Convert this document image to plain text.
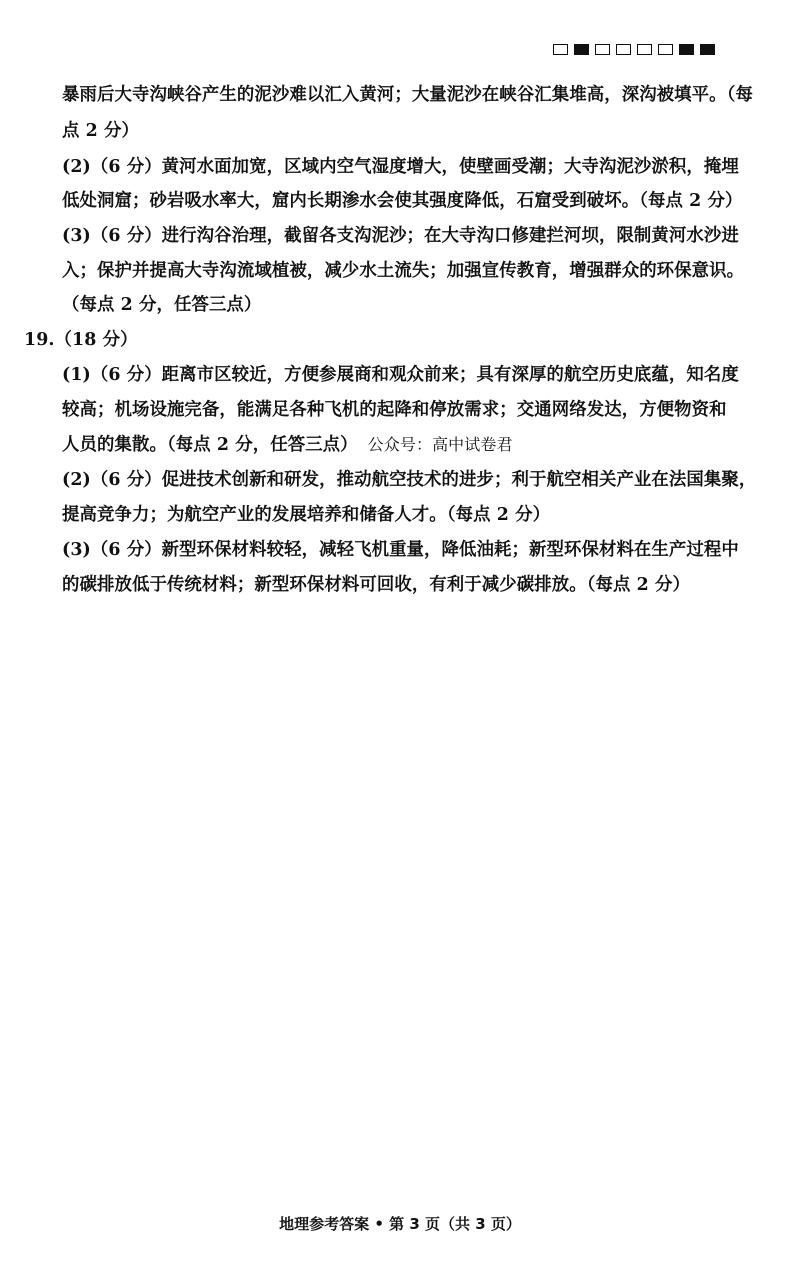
暴雨后大寺沟峡谷产生的泥沙难以汇入黄河；大量泥沙在峡谷汇集堆高，深沟被填平。（每
点 2 分）
(2)（6 分）黄河水面加宽，区域内空气湿度增大，使壁画受潮；大寺沟泥沙淤积，掩埋
低处洞窟；砂岩吸水率大，窟内长期渗水会使其强度降低，石窟受到破坏。（每点 2 分）
(3)（6 分）进行沟谷治理，截留各支沟泥沙；在大寺沟口修建拦河坝，限制黄河水沙进
入；保护并提高大寺沟流域植被，减少水土流失；加强宣传教育，增强群众的环保意识。
（每点 2 分，任答三点）
19.（18 分）
(1)（6 分）距离市区较近，方便参展商和观众前来；具有深厚的航空历史底蕴，知名度
较高；机场设施完备，能满足各种飞机的起降和停放需求；交通网络发达，方便物资和
人员的集散。（每点 2 分，任答三点） 公众号：高中试卷君
(2)（6 分）促进技术创新和研发，推动航空技术的进步；利于航空相关产业在法国集聚，
提高竞争力；为航空产业的发展培养和储备人才。（每点 2 分）
(3)（6 分）新型环保材料较轻，减轻飞机重量，降低油耗；新型环保材料在生产过程中
的碳排放低于传统材料；新型环保材料可回收，有利于减少碳排放。（每点 2 分）
地理参考答案 • 第 3 页（共 3 页）
